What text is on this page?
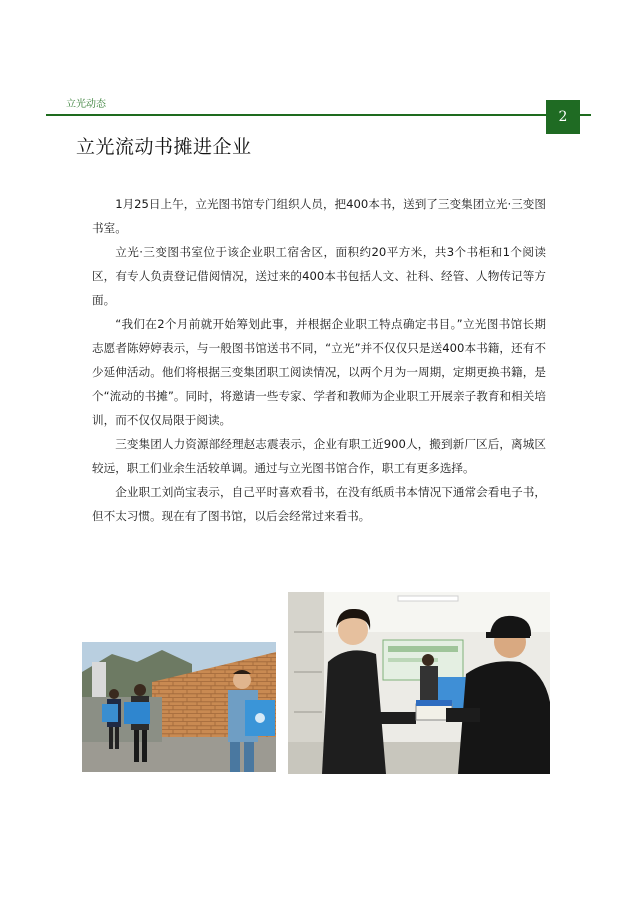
立光动态
2
立光流动书摊进企业

1月25日上午，立光图书馆专门组织人员，把400本书，送到了三变集团立光·三变图书室。

立光·三变图书室位于该企业职工宿舍区，面积约20平方米，共3个书柜和1个阅读区，有专人负责登记借阅情况，送过来的400本书包括人文、社科、经管、人物传记等方面。

“我们在2个月前就开始筹划此事，并根据企业职工特点确定书目。”立光图书馆长期志愿者陈婷婷表示，与一般图书馆送书不同，“立光”并不仅仅只是送400本书籍，还有不少延伸活动。他们将根据三变集团职工阅读情况，以两个月为一周期，定期更换书籍，是个“流动的书摊”。同时，将邀请一些专家、学者和教师为企业职工开展亲子教育和相关培训，而不仅仅局限于阅读。

三变集团人力资源部经理赵志震表示，企业有职工近900人，搬到新厂区后，离城区较远，职工们业余生活较单调。通过与立光图书馆合作，职工有更多选择。

企业职工刘尚宝表示，自己平时喜欢看书，在没有纸质书本情况下通常会看电子书，但不太习惯。现在有了图书馆，以后会经常过来看书。
